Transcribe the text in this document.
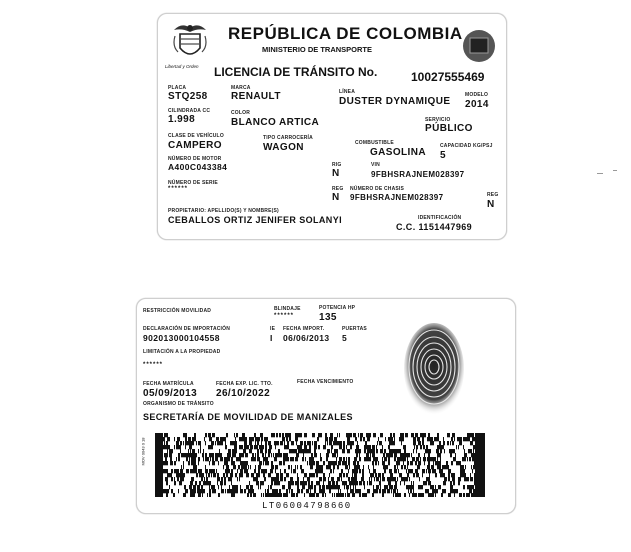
Libertad y Orden
REPÚBLICA DE COLOMBIA
MINISTERIO DE TRANSPORTE
LICENCIA DE TRÁNSITO No.	10027555469
PLACA
STQ258
MARCA
RENAULT	LÍNEA
DUSTER DYNAMIQUE
MODELO
2014
CILINDRADA CC
1.998
COLOR
BLANCO ARTICA	SERVICIO
PÚBLICO
CLASE DE VEHÍCULO
CAMPERO
TIPO CARROCERÍA
WAGON	COMBUSTIBLE
GASOLINA
CAPACIDAD KG/PSJ
5
NÚMERO DE MOTOR
A400C043384	RIG
N
VIN
9FBHSRAJNEM028397
NÚMERO DE SERIE
******	REG
N
NÚMERO DE CHASIS
9FBHSRAJNEM028397	REG
N
PROPIETARIO: APELLIDO(S) Y NOMBRE(S)
CEBALLOS ORTIZ JENIFER SOLANYI	IDENTIFICACIÓN
C.C. 1151447969
RESTRICCIÓN MOVILIDAD	BLINDAJE
******
POTENCIA HP
135
DECLARACIÓN DE IMPORTACIÓN
902013000104558
IE
I
FECHA IMPORT.
06/06/2013
PUERTAS
5
LIMITACIÓN A LA PROPIEDAD
******
FECHA MATRÍCULA
05/09/2013
FECHA EXP. LIC. TTO.
26/10/2022
FECHA VENCIMIENTO
ORGANISMO DE TRÁNSITO
SECRETARÍA DE MOVILIDAD DE MANIZALES
MOV 0043 0 18
LT06004798660
